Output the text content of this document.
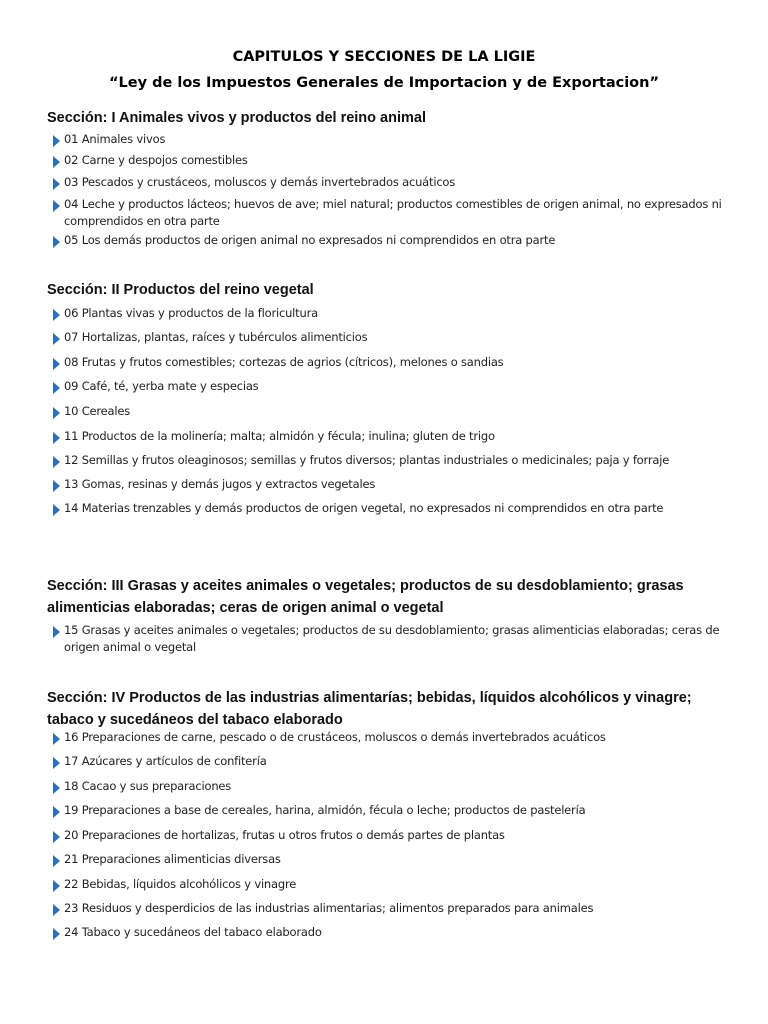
CAPITULOS Y SECCIONES DE LA LIGIE
“Ley de los Impuestos Generales de Importacion y de Exportacion”
Sección: I Animales vivos y productos del reino animal
01 Animales vivos
02 Carne y despojos comestibles
03 Pescados y crustáceos, moluscos y demás invertebrados acuáticos
04 Leche y productos lácteos; huevos de ave; miel natural; productos comestibles de origen animal, no expresados ni comprendidos en otra parte
05 Los demás productos de origen animal no expresados ni comprendidos en otra parte
Sección: II Productos del reino vegetal
06 Plantas vivas y productos de la floricultura
07 Hortalizas, plantas, raíces y tubérculos alimenticios
08 Frutas y frutos comestibles; cortezas de agrios (cítricos), melones o sandias
09 Café, té, yerba mate y especias
10 Cereales
11 Productos de la molinería; malta; almidón y fécula; inulina; gluten de trigo
12 Semillas y frutos oleaginosos; semillas y frutos diversos; plantas industriales o medicinales; paja y forraje
13 Gomas, resinas y demás jugos y extractos vegetales
14 Materias trenzables y demás productos de origen vegetal, no expresados ni comprendidos en otra parte
Sección: III Grasas y aceites animales o vegetales; productos de su desdoblamiento; grasas alimenticias elaboradas; ceras de origen animal o vegetal
15 Grasas y aceites animales o vegetales; productos de su desdoblamiento; grasas alimenticias elaboradas; ceras de origen animal o vegetal
Sección: IV Productos de las industrias alimentarías; bebidas, líquidos alcohólicos y vinagre; tabaco y sucedáneos del tabaco elaborado
16 Preparaciones de carne, pescado o de crustáceos, moluscos o demás invertebrados acuáticos
17 Azúcares y artículos de confitería
18 Cacao y sus preparaciones
19 Preparaciones a base de cereales, harina, almidón, fécula o leche; productos de pastelería
20 Preparaciones de hortalizas, frutas u otros frutos o demás partes de plantas
21 Preparaciones alimenticias diversas
22 Bebidas, líquidos alcohólicos y vinagre
23 Residuos y desperdicios de las industrias alimentarias; alimentos preparados para animales
24 Tabaco y sucedáneos del tabaco elaborado
